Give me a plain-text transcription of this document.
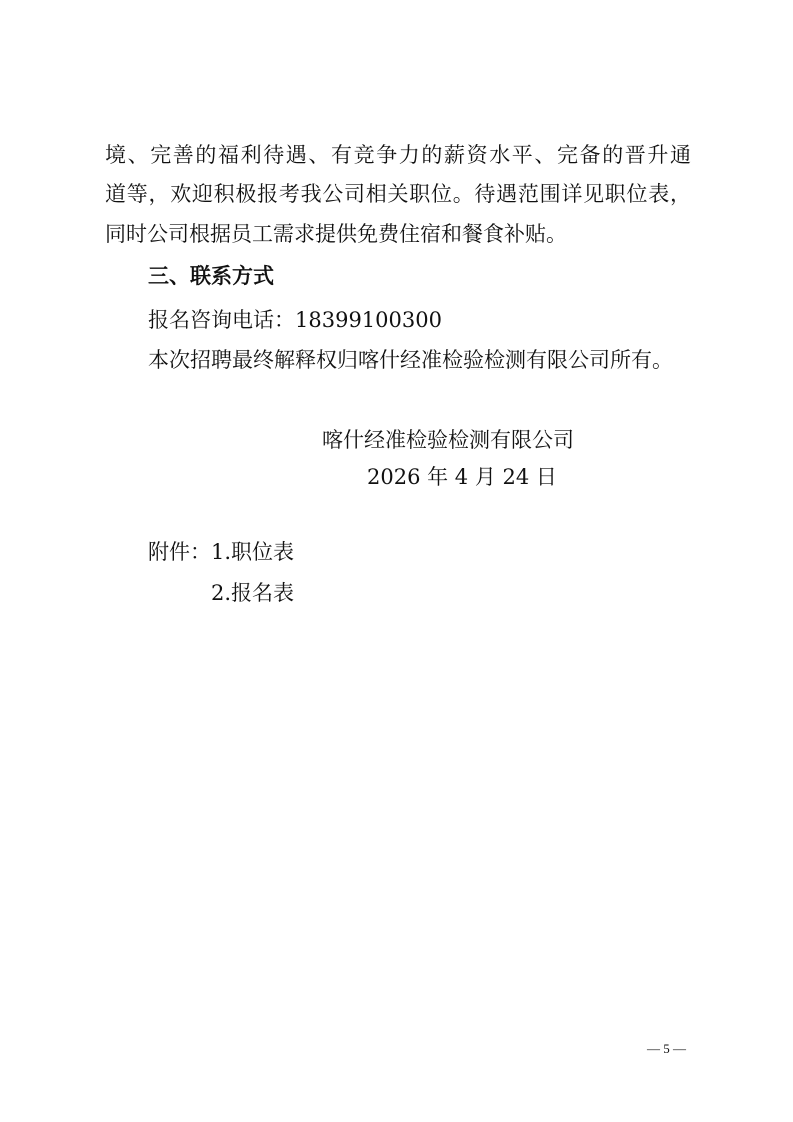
境、完善的福利待遇、有竞争力的薪资水平、完备的晋升通
道等，欢迎积极报考我公司相关职位。待遇范围详见职位表，
同时公司根据员工需求提供免费住宿和餐食补贴。
三、联系方式
报名咨询电话：18399100300
本次招聘最终解释权归喀什经准检验检测有限公司所有。
喀什经准检验检测有限公司
2026 年 4 月 24 日
附件：1.职位表
2.报名表
— 5 —
